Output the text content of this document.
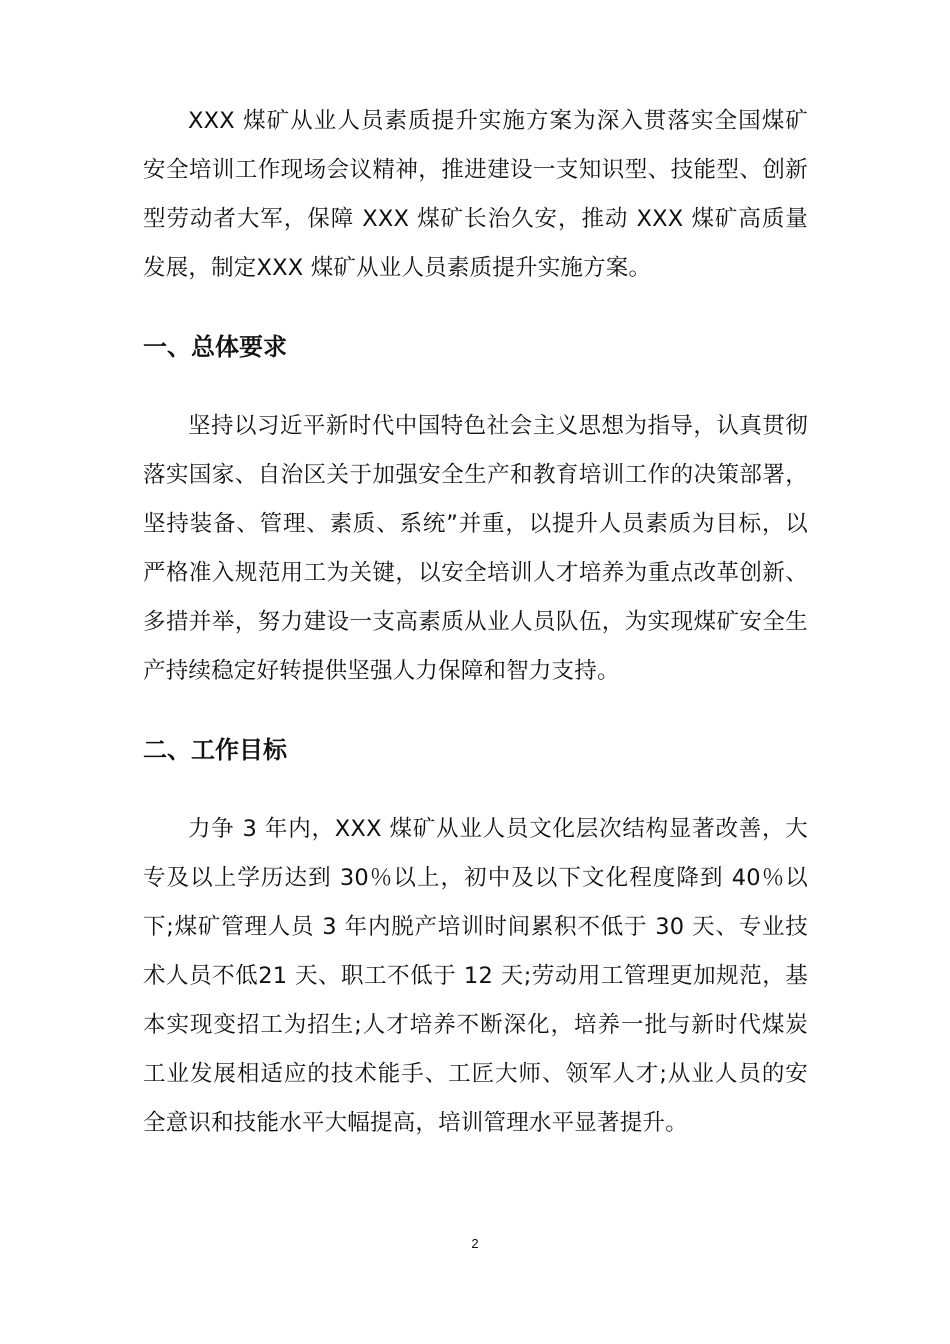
XXX 煤矿从业人员素质提升实施方案为深入贯落实全国煤矿安全培训工作现场会议精神，推进建设一支知识型、技能型、创新型劳动者大军，保障 XXX 煤矿长治久安，推动 XXX 煤矿高质量发展，制定XXX 煤矿从业人员素质提升实施方案。

一、总体要求

坚持以习近平新时代中国特色社会主义思想为指导，认真贯彻落实国家、自治区关于加强安全生产和教育培训工作的决策部署，坚持装备、管理、素质、系统”并重，以提升人员素质为目标，以严格准入规范用工为关键，以安全培训人才培养为重点改革创新、多措并举，努力建设一支高素质从业人员队伍，为实现煤矿安全生产持续稳定好转提供坚强人力保障和智力支持。

二、工作目标

力争 3 年内，XXX 煤矿从业人员文化层次结构显著改善，大专及以上学历达到 30％以上，初中及以下文化程度降到 40％以下;煤矿管理人员 3 年内脱产培训时间累积不低于 30 天、专业技术人员不低21 天、职工不低于 12 天;劳动用工管理更加规范，基本实现变招工为招生;人才培养不断深化，培养一批与新时代煤炭工业发展相适应的技术能手、工匠大师、领军人才;从业人员的安全意识和技能水平大幅提高，培训管理水平显著提升。

2
